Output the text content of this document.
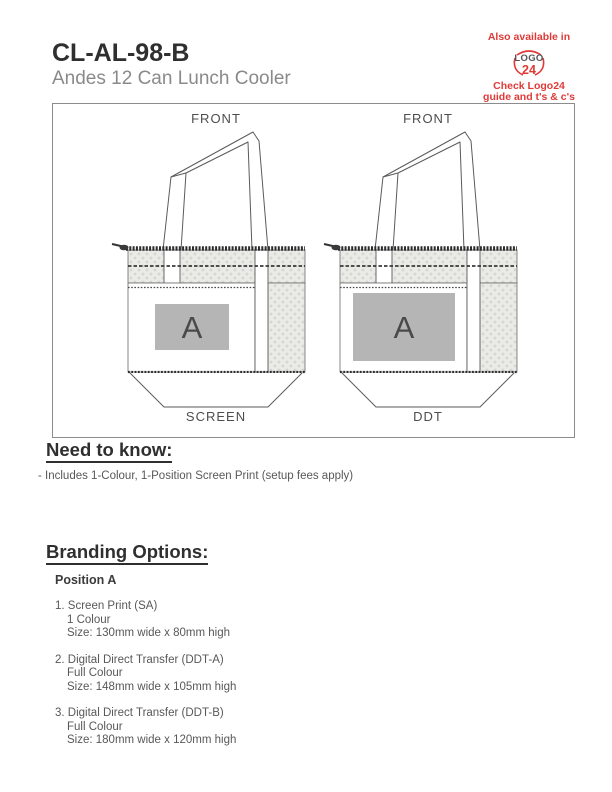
CL-AL-98-B
Andes 12 Can Lunch Cooler
Also available in
LOGO
24
Check Logo24
guide and t's & c's
A
FRONT
SCREEN
A
FRONT
DDT
Need to know:

- Includes 1-Colour, 1-Position Screen Print (setup fees apply)

Branding Options:
Position A
1. Screen Print (SA)
1 Colour
Size: 130mm wide x 80mm high
2. Digital Direct Transfer (DDT-A)
Full Colour
Size: 148mm wide x 105mm high
3. Digital Direct Transfer (DDT-B)
Full Colour
Size: 180mm wide x 120mm high
